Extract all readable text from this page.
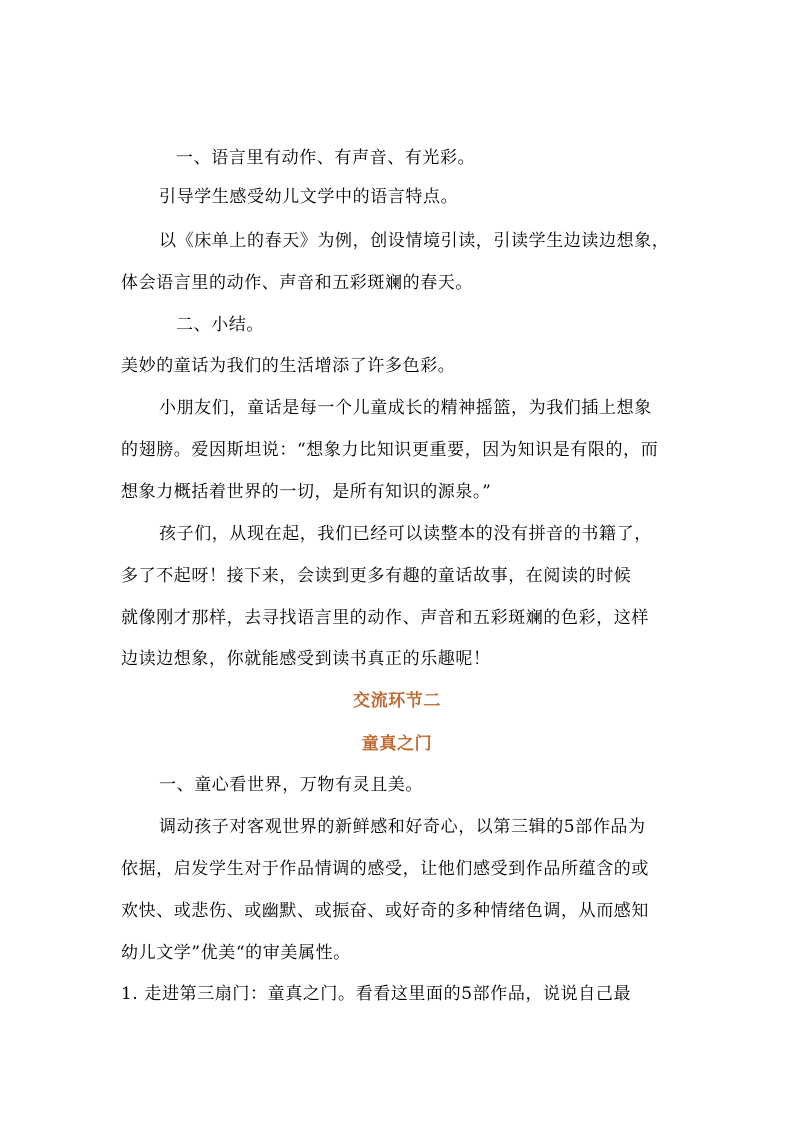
一、语言里有动作、有声音、有光彩。
引导学生感受幼儿文学中的语言特点。
以《床单上的春天》为例，创设情境引读，引读学生边读边想象，
体会语言里的动作、声音和五彩斑斓的春天。
二、小结。
美妙的童话为我们的生活增添了许多色彩。
小朋友们，童话是每一个儿童成长的精神摇篮，为我们插上想象
的翅膀。爱因斯坦说：“想象力比知识更重要，因为知识是有限的，而
想象力概括着世界的一切，是所有知识的源泉。”
孩子们，从现在起，我们已经可以读整本的没有拼音的书籍了，
多了不起呀！接下来，会读到更多有趣的童话故事，在阅读的时候
就像刚才那样，去寻找语言里的动作、声音和五彩斑斓的色彩，这样
边读边想象，你就能感受到读书真正的乐趣呢！
交流环节二
童真之门
一、童心看世界，万物有灵且美。
调动孩子对客观世界的新鲜感和好奇心，以第三辑的5部作品为
依据，启发学生对于作品情调的感受，让他们感受到作品所蕴含的或
欢快、或悲伤、或幽默、或振奋、或好奇的多种情绪色调，从而感知
幼儿文学”优美“的审美属性。
1. 走进第三扇门：童真之门。看看这里面的5部作品，说说自己最
